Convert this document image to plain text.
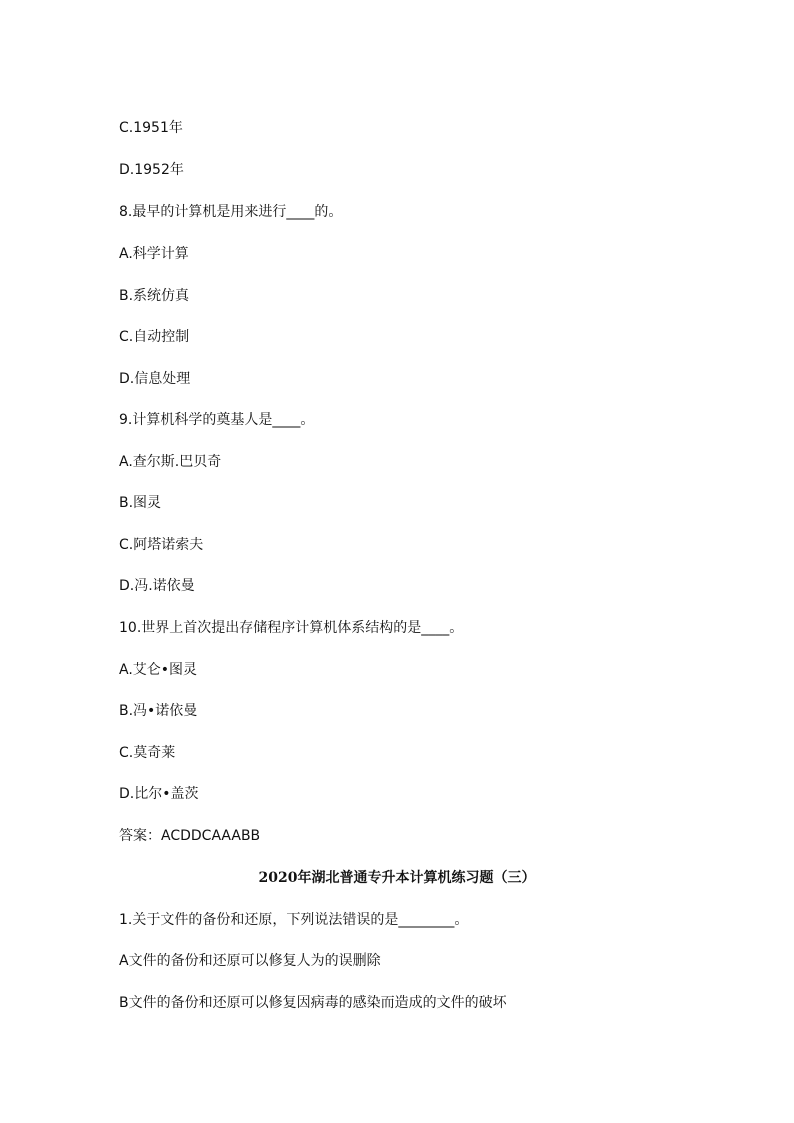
C.1951年
D.1952年
8.最早的计算机是用来进行____的。
A.科学计算
B.系统仿真
C.自动控制
D.信息处理
9.计算机科学的奠基人是____。
A.查尔斯.巴贝奇
B.图灵
C.阿塔诺索夫
D.冯.诺依曼
10.世界上首次提出存储程序计算机体系结构的是____。
A.艾仑•图灵
B.冯•诺依曼
C.莫奇莱
D.比尔•盖茨
答案：ACDDCAAABB
2020年湖北普通专升本计算机练习题（三）
1.关于文件的备份和还原，下列说法错误的是________。
A文件的备份和还原可以修复人为的误删除
B文件的备份和还原可以修复因病毒的感染而造成的文件的破坏
